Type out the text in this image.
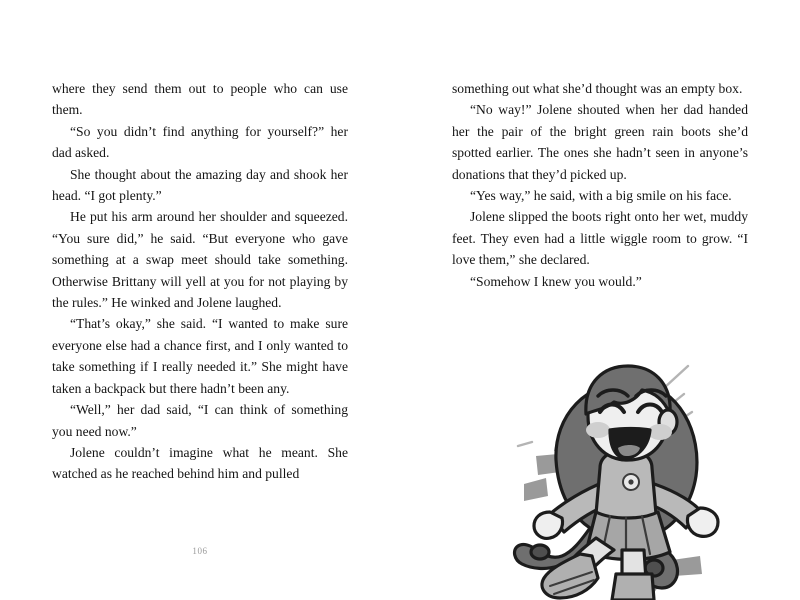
where they send them out to people who can use them.

“So you didn’t find anything for yourself?” her dad asked.

She thought about the amazing day and shook her head. “I got plenty.”

He put his arm around her shoulder and squeezed. “You sure did,” he said. “But everyone who gave something at a swap meet should take something. Otherwise Brittany will yell at you for not playing by the rules.” He winked and Jolene laughed.

“That’s okay,” she said. “I wanted to make sure everyone else had a chance first, and I only wanted to take something if I really needed it.” She might have taken a backpack but there hadn’t been any.

“Well,” her dad said, “I can think of something you need now.”

Jolene couldn’t imagine what he meant. She watched as he reached behind him and pulled

106

something out what she’d thought was an empty box.

“No way!” Jolene shouted when her dad handed her the pair of the bright green rain boots she’d spotted earlier. The ones she hadn’t seen in anyone’s donations that they’d picked up.

“Yes way,” he said, with a big smile on his face.

Jolene slipped the boots right onto her wet, muddy feet. They even had a little wiggle room to grow. “I love them,” she declared.

“Somehow I knew you would.”
